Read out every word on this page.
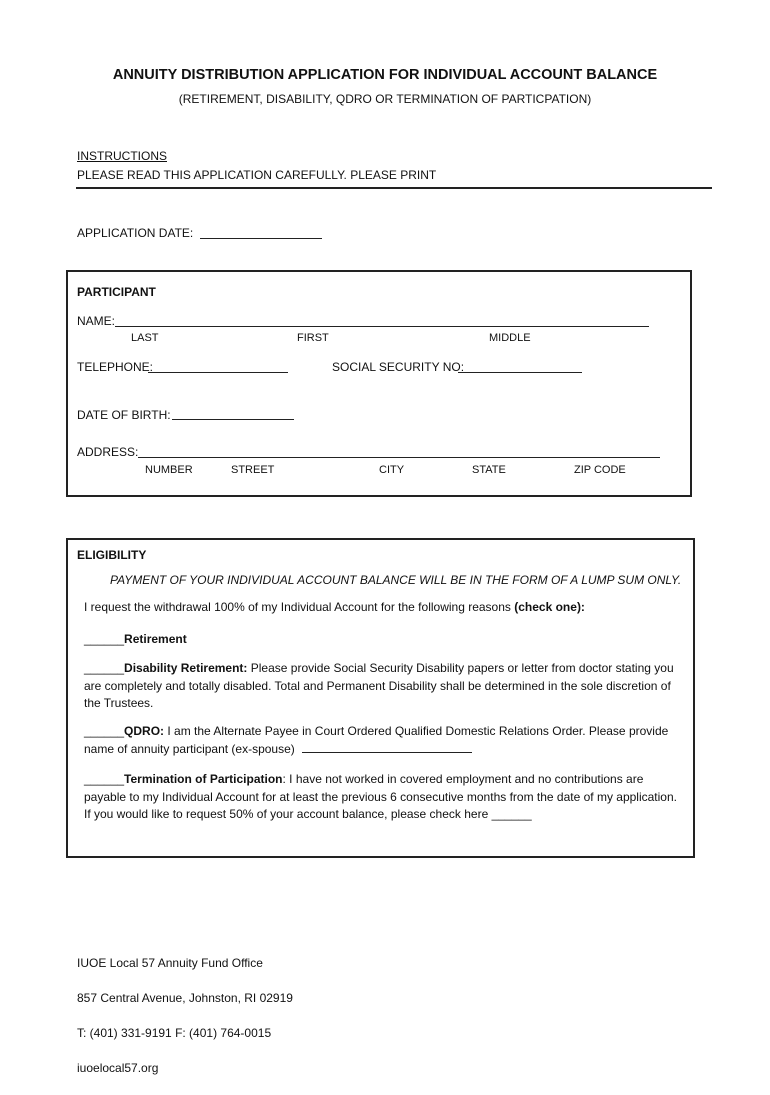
ANNUITY DISTRIBUTION APPLICATION FOR INDIVIDUAL ACCOUNT BALANCE
(RETIREMENT, DISABILITY, QDRO OR TERMINATION OF PARTICPATION)
INSTRUCTIONS
PLEASE READ THIS APPLICATION CAREFULLY. PLEASE PRINT
APPLICATION DATE:
PARTICIPANT
NAME:
LAST	FIRST	MIDDLE
TELEPHONE:	SOCIAL SECURITY NO:
DATE OF BIRTH:
ADDRESS:
NUMBER	STREET	CITY	STATE	ZIP CODE
ELIGIBILITY
PAYMENT OF YOUR INDIVIDUAL ACCOUNT BALANCE WILL BE IN THE FORM OF A LUMP SUM ONLY.
I request the withdrawal 100% of my Individual Account for the following reasons (check one):
______Retirement
______Disability Retirement: Please provide Social Security Disability papers or letter from doctor stating you are completely and totally disabled. Total and Permanent Disability shall be determined in the sole discretion of the Trustees.
______QDRO: I am the Alternate Payee in Court Ordered Qualified Domestic Relations Order. Please provide name of annuity participant (ex-spouse)
______Termination of Participation: I have not worked in covered employment and no contributions are payable to my Individual Account for at least the previous 6 consecutive months from the date of my application. If you would like to request 50% of your account balance, please check here ______

IUOE Local 57 Annuity Fund Office

857 Central Avenue, Johnston, RI 02919

T: (401) 331-9191 F: (401) 764-0015

iuoelocal57.org
